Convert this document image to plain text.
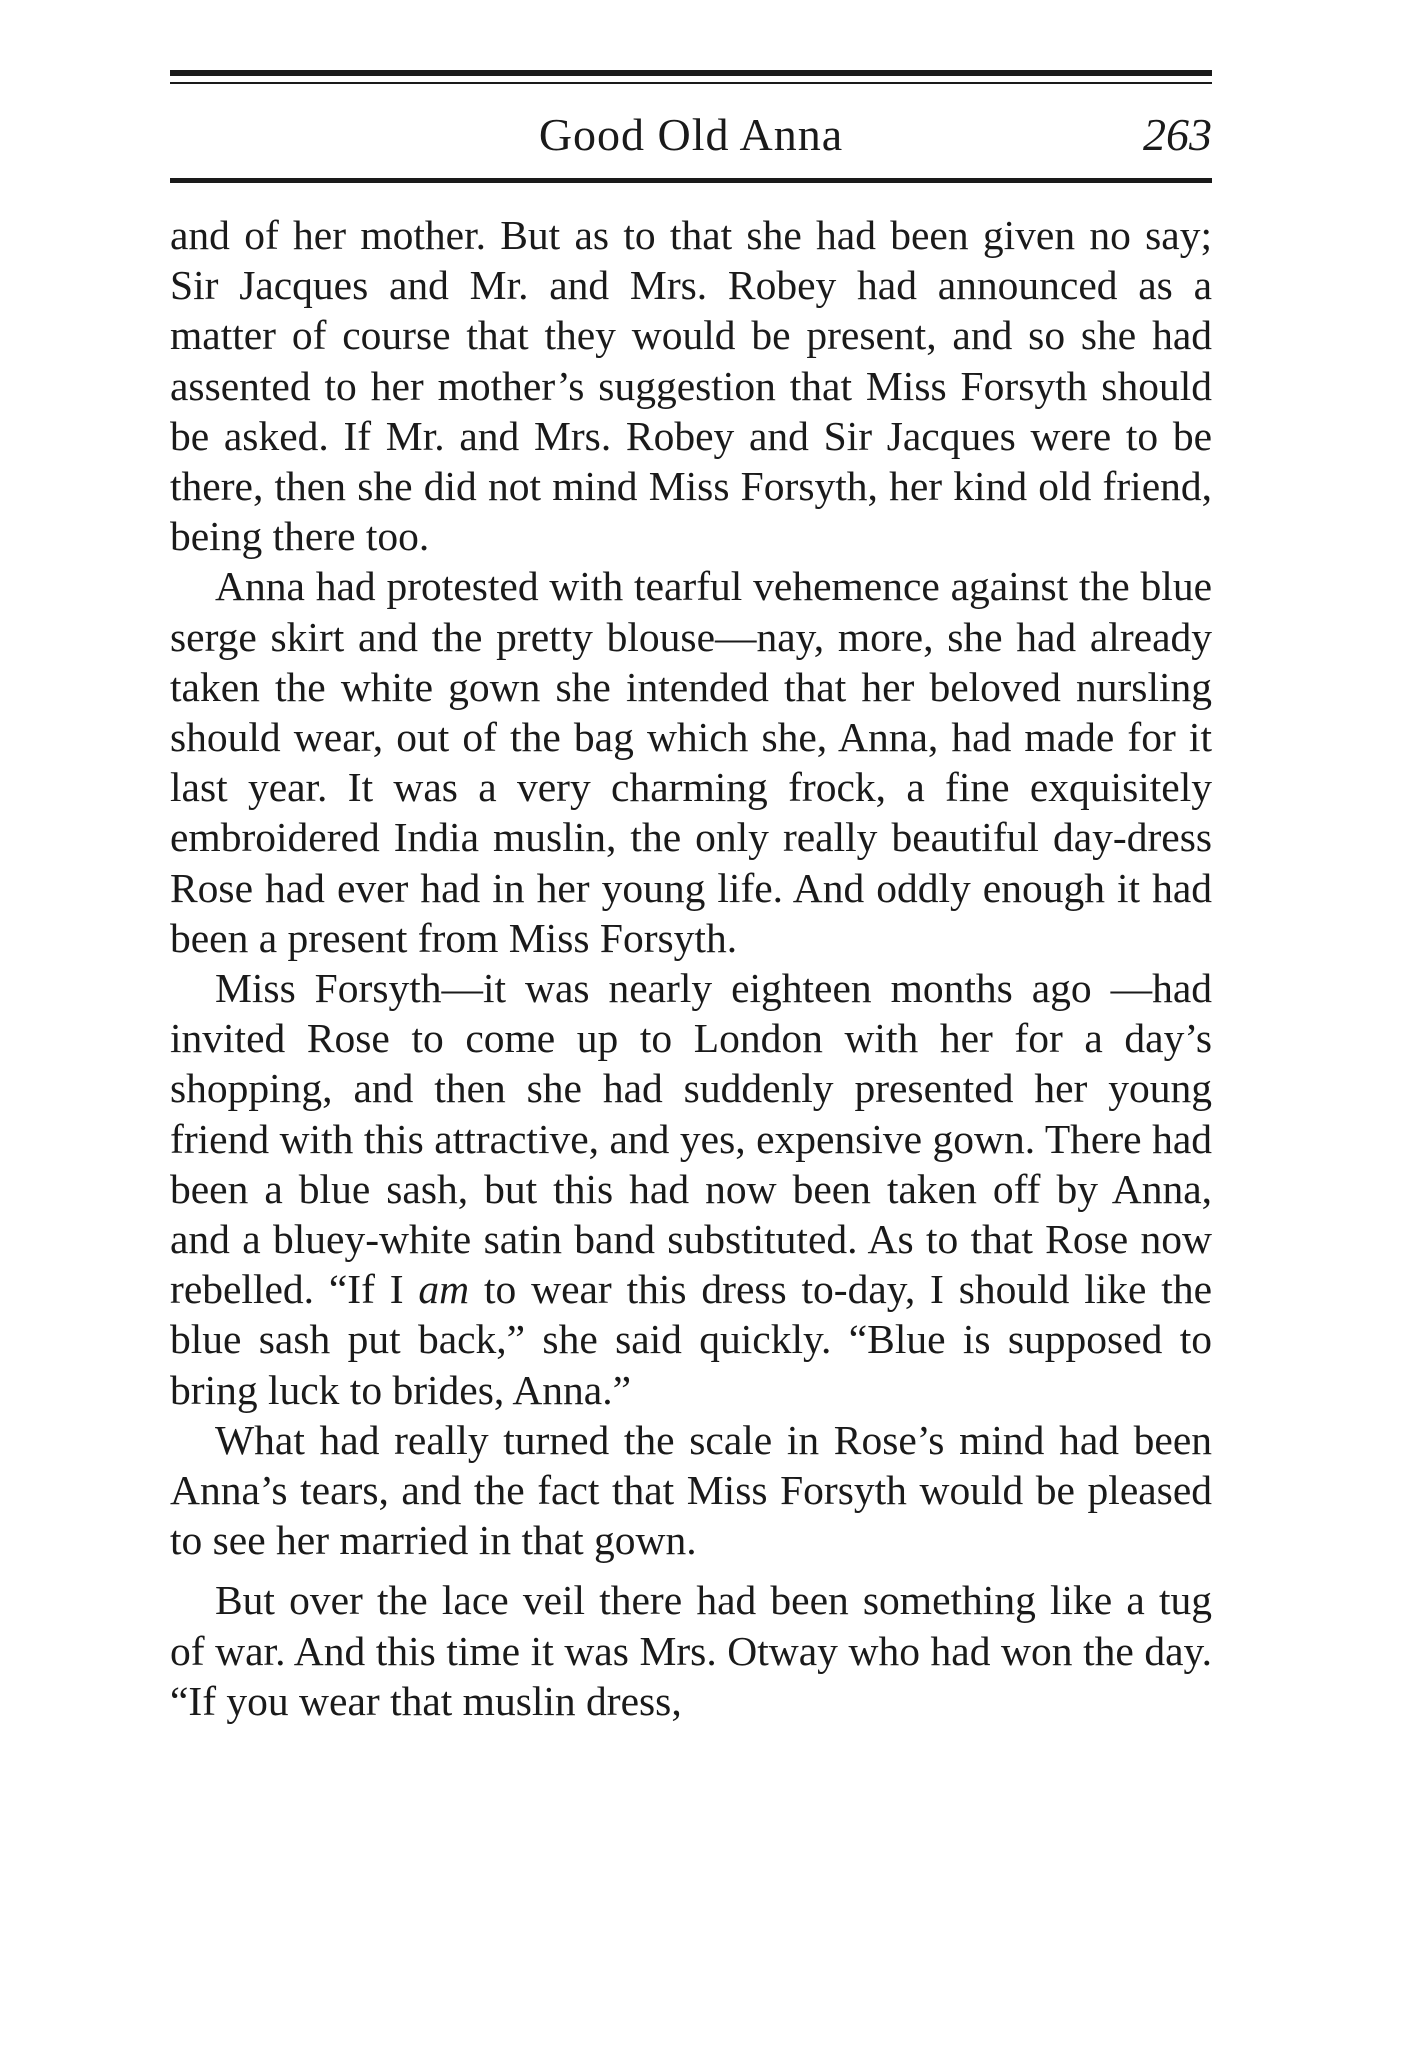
Good Old Anna	263

and of her mother. But as to that she had been given no say; Sir Jacques and Mr. and Mrs. Robey had announced as a matter of course that they would be present, and so she had assented to her mother’s suggestion that Miss Forsyth should be asked. If Mr. and Mrs. Robey and Sir Jacques were to be there, then she did not mind Miss Forsyth, her kind old friend, being there too.

Anna had protested with tearful vehemence against the blue serge skirt and the pretty blouse—nay, more, she had already taken the white gown she intended that her beloved nursling should wear, out of the bag which she, Anna, had made for it last year. It was a very charming frock, a fine exquisitely embroidered India muslin, the only really beautiful day-dress Rose had ever had in her young life. And oddly enough it had been a present from Miss Forsyth.

Miss Forsyth—it was nearly eighteen months ago —had invited Rose to come up to London with her for a day’s shopping, and then she had suddenly presented her young friend with this attractive, and yes, expensive gown. There had been a blue sash, but this had now been taken off by Anna, and a bluey-white satin band substituted. As to that Rose now rebelled. “If I am to wear this dress to-day, I should like the blue sash put back,” she said quickly. “Blue is supposed to bring luck to brides, Anna.”

What had really turned the scale in Rose’s mind had been Anna’s tears, and the fact that Miss Forsyth would be pleased to see her married in that gown.

But over the lace veil there had been something like a tug of war. And this time it was Mrs. Otway who had won the day. “If you wear that muslin dress,
